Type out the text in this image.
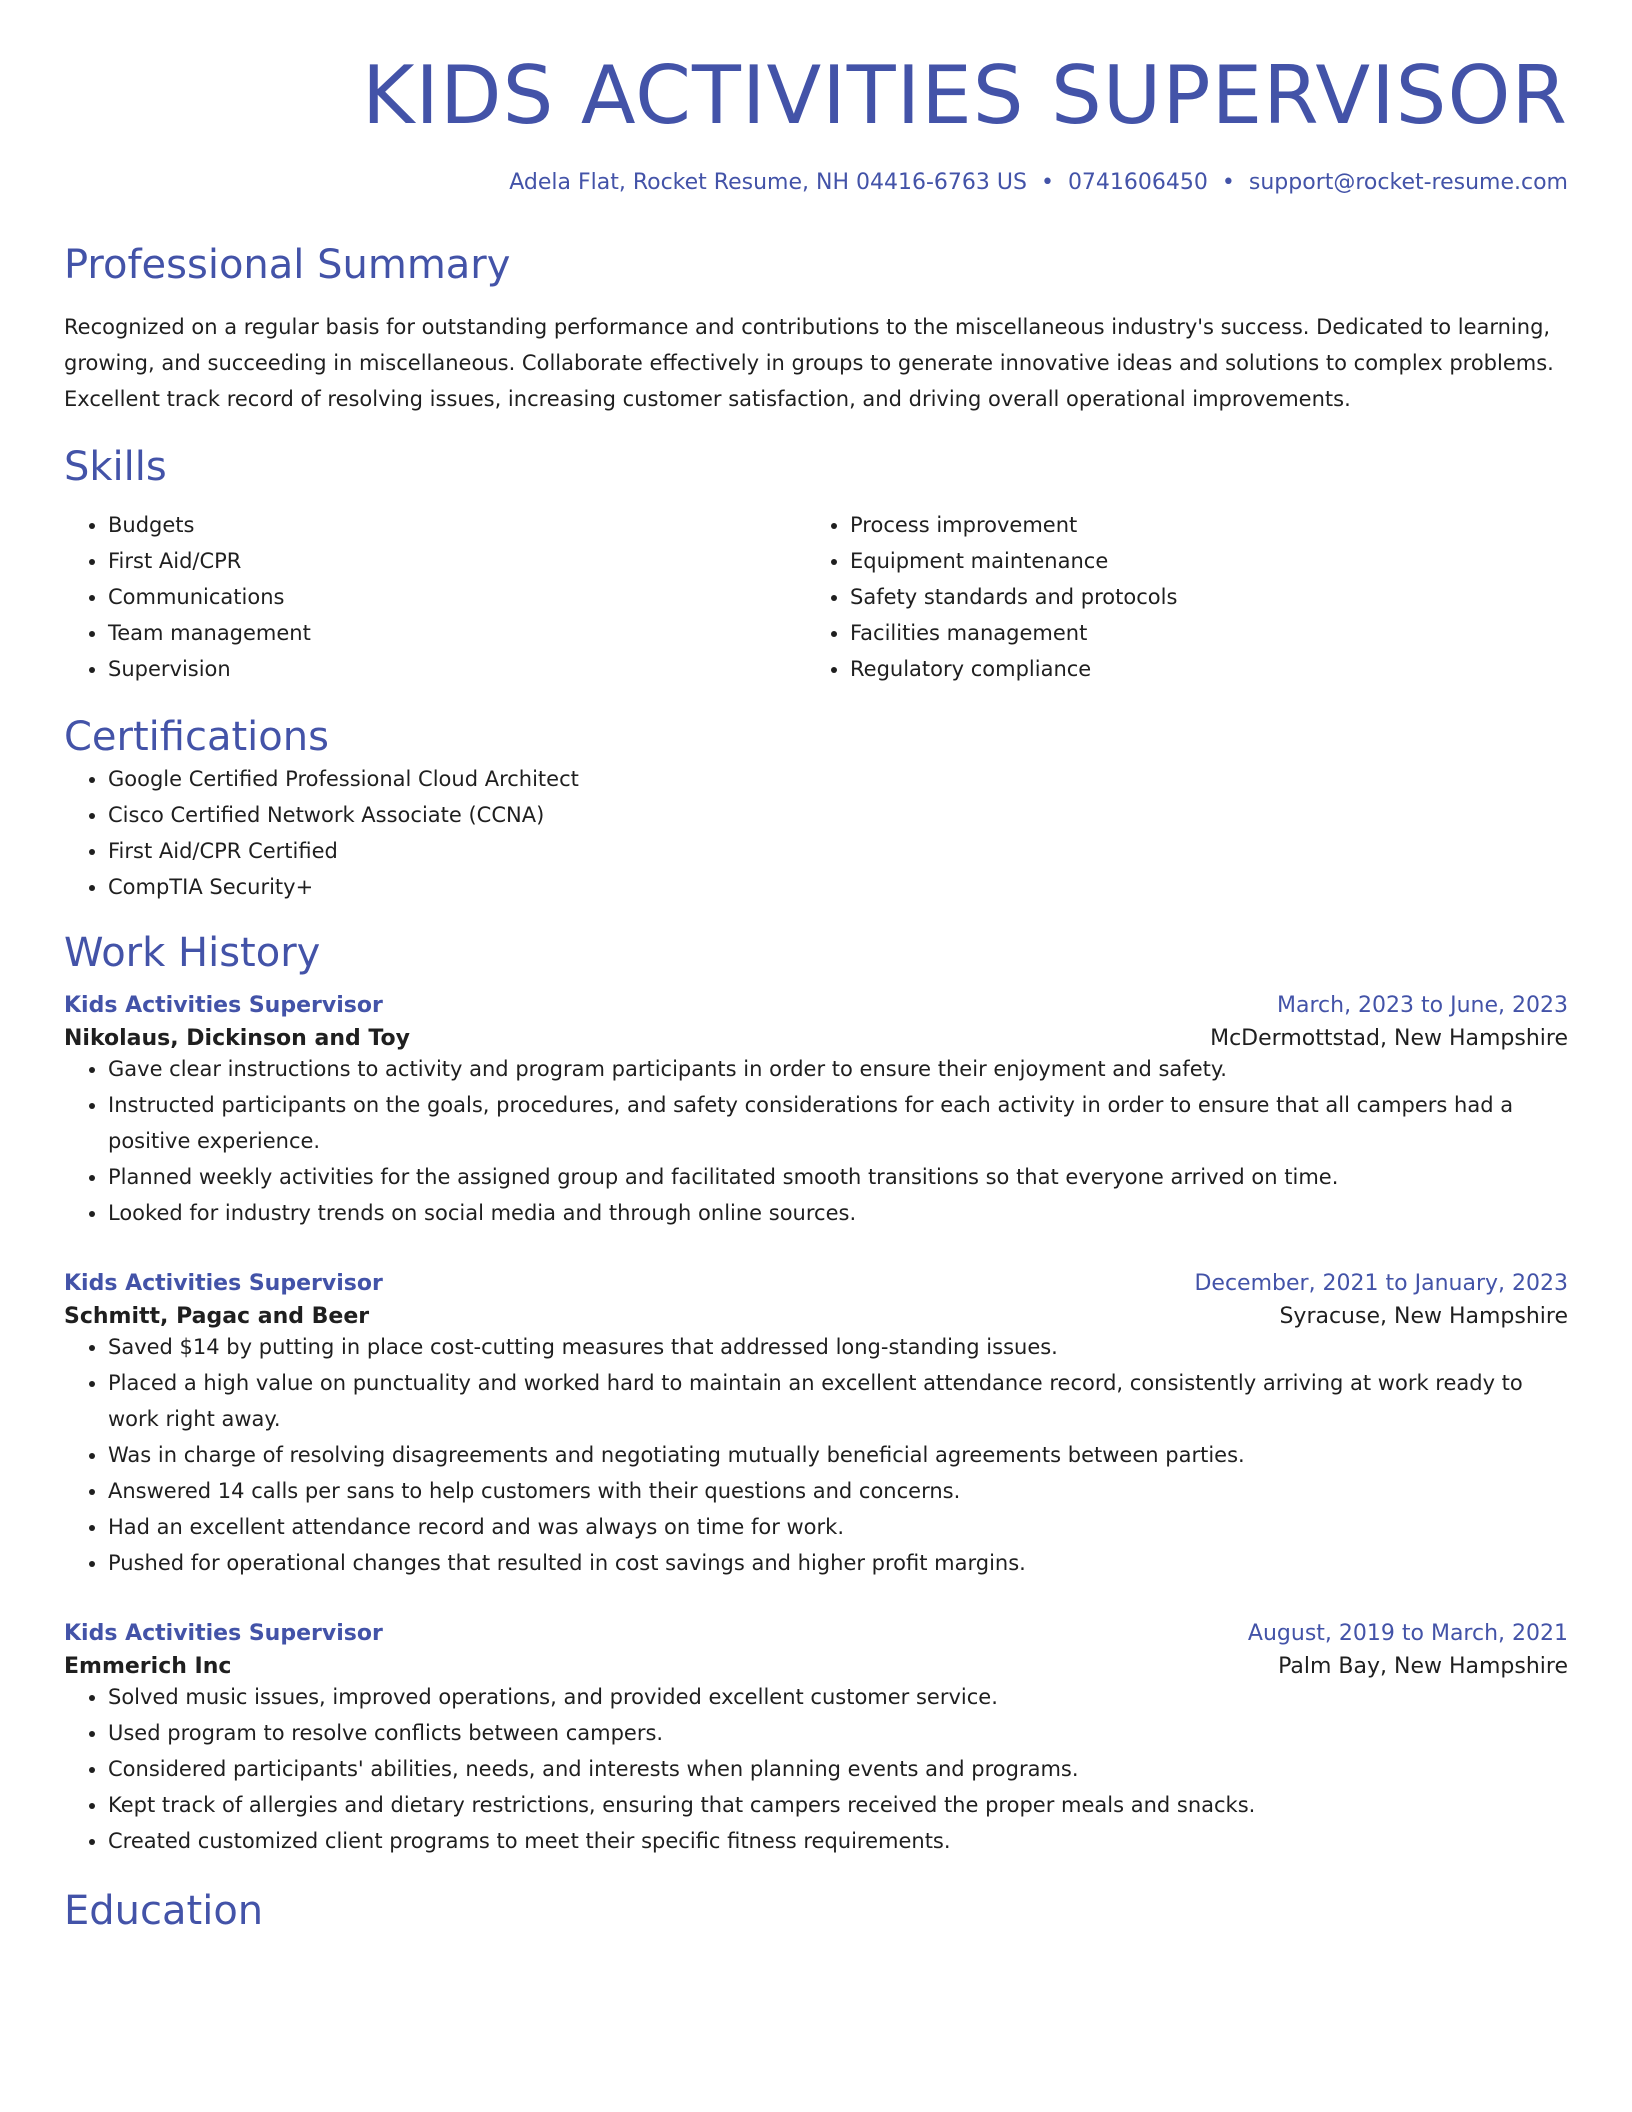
KIDS ACTIVITIES SUPERVISOR
Adela Flat, Rocket Resume, NH 04416-6763 US • 0741606450 • support@rocket-resume.com
Professional Summary
Recognized on a regular basis for outstanding performance and contributions to the miscellaneous industry's success. Dedicated to learning, growing, and succeeding in miscellaneous. Collaborate effectively in groups to generate innovative ideas and solutions to complex problems. Excellent track record of resolving issues, increasing customer satisfaction, and driving overall operational improvements.
Skills
• Budgets
• First Aid/CPR
• Communications
• Team management
• Supervision
• Process improvement
• Equipment maintenance
• Safety standards and protocols
• Facilities management
• Regulatory compliance
Certifications
• Google Certified Professional Cloud Architect
• Cisco Certified Network Associate (CCNA)
• First Aid/CPR Certified
• CompTIA Security+
Work History
Kids Activities Supervisor	March, 2023 to June, 2023
Nikolaus, Dickinson and Toy	McDermottstad, New Hampshire
• Gave clear instructions to activity and program participants in order to ensure their enjoyment and safety.
• Instructed participants on the goals, procedures, and safety considerations for each activity in order to ensure that all campers had a positive experience.
• Planned weekly activities for the assigned group and facilitated smooth transitions so that everyone arrived on time.
• Looked for industry trends on social media and through online sources.
Kids Activities Supervisor	December, 2021 to January, 2023
Schmitt, Pagac and Beer	Syracuse, New Hampshire
• Saved $14 by putting in place cost-cutting measures that addressed long-standing issues.
• Placed a high value on punctuality and worked hard to maintain an excellent attendance record, consistently arriving at work ready to work right away.
• Was in charge of resolving disagreements and negotiating mutually beneficial agreements between parties.
• Answered 14 calls per sans to help customers with their questions and concerns.
• Had an excellent attendance record and was always on time for work.
• Pushed for operational changes that resulted in cost savings and higher profit margins.
Kids Activities Supervisor	August, 2019 to March, 2021
Emmerich Inc	Palm Bay, New Hampshire
• Solved music issues, improved operations, and provided excellent customer service.
• Used program to resolve conflicts between campers.
• Considered participants' abilities, needs, and interests when planning events and programs.
• Kept track of allergies and dietary restrictions, ensuring that campers received the proper meals and snacks.
• Created customized client programs to meet their specific fitness requirements.
Education
